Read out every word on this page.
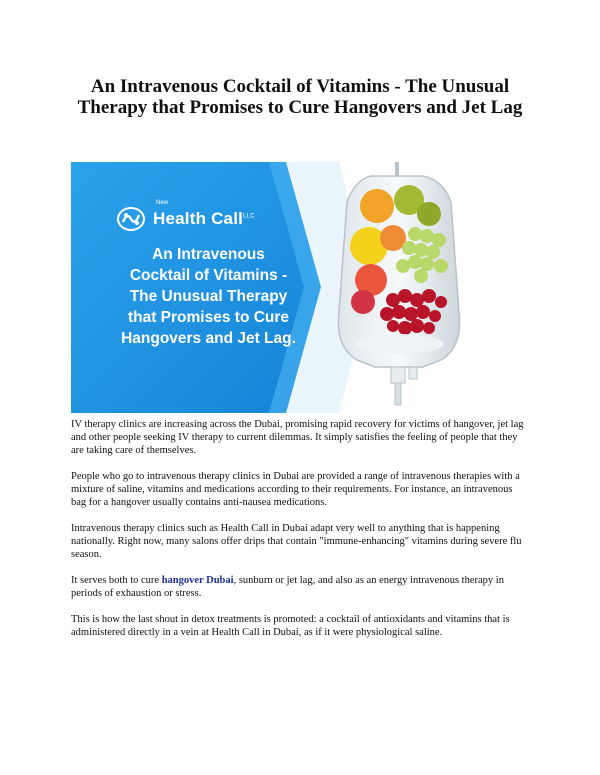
An Intravenous Cocktail of Vitamins - The Unusual Therapy that Promises to Cure Hangovers and Jet Lag
New
Health Call$^{LLC}$
An Intravenous
Cocktail of Vitamins -
The Unusual Therapy
that Promises to Cure
Hangovers and Jet Lag.

IV therapy clinics are increasing across the Dubai, promising rapid recovery for victims of hangover, jet lag and other people seeking IV therapy to current dilemmas. It simply satisfies the feeling of people that they are taking care of themselves.

People who go to intravenous therapy clinics in Dubai are provided a range of intravenous therapies with a mixture of saline, vitamins and medications according to their requirements. For instance, an intravenous bag for a hangover usually contains anti-nausea medications.

Intravenous therapy clinics such as Health Call in Dubai adapt very well to anything that is happening nationally. Right now, many salons offer drips that contain "immune-enhancing" vitamins during severe flu season.

It serves both to cure hangover Dubai, sunburn or jet lag, and also as an energy intravenous therapy in periods of exhaustion or stress.

This is how the last shout in detox treatments is promoted: a cocktail of antioxidants and vitamins that is administered directly in a vein at Health Call in Dubai, as if it were physiological saline.
